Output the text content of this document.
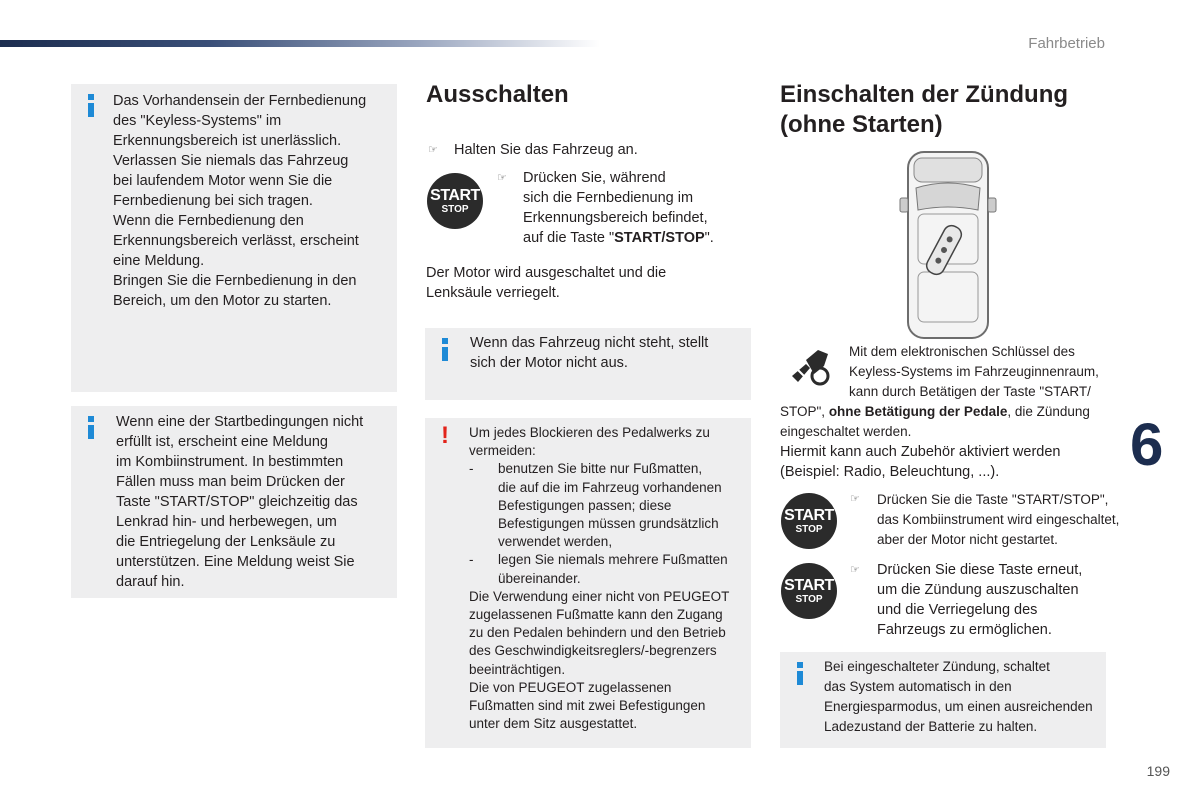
Fahrbetrieb
6
199
Das Vorhandensein der Fernbedienung
des "Keyless-Systems" im
Erkennungsbereich ist unerlässlich.
Verlassen Sie niemals das Fahrzeug
bei laufendem Motor wenn Sie die
Fernbedienung bei sich tragen.
Wenn die Fernbedienung den
Erkennungsbereich verlässt, erscheint
eine Meldung.
Bringen Sie die Fernbedienung in den
Bereich, um den Motor zu starten.
Wenn eine der Startbedingungen nicht
erfüllt ist, erscheint eine Meldung
im Kombiinstrument. In bestimmten
Fällen muss man beim Drücken der
Taste "START/STOP" gleichzeitig das
Lenkrad hin- und herbewegen, um
die Entriegelung der Lenksäule zu
unterstützen. Eine Meldung weist Sie
darauf hin.
Ausschalten
☞ Halten Sie das Fahrzeug an.
START
STOP
☞ Drücken Sie, während
sich die Fernbedienung im
Erkennungsbereich befindet,
auf die Taste "START/STOP".
Der Motor wird ausgeschaltet und die
Lenksäule verriegelt.
Wenn das Fahrzeug nicht steht, stellt
sich der Motor nicht aus.
! Um jedes Blockieren des Pedalwerks zu
vermeiden:
- benutzen Sie bitte nur Fußmatten,
die auf die im Fahrzeug vorhandenen
Befestigungen passen; diese
Befestigungen müssen grundsätzlich
verwendet werden,
- legen Sie niemals mehrere Fußmatten
übereinander.
Die Verwendung einer nicht von PEUGEOT
zugelassenen Fußmatte kann den Zugang
zu den Pedalen behindern und den Betrieb
des Geschwindigkeitsreglers/-begrenzers
beeinträchtigen.
Die von PEUGEOT zugelassenen
Fußmatten sind mit zwei Befestigungen
unter dem Sitz ausgestattet.
Einschalten der Zündung
(ohne Starten)
Mit dem elektronischen Schlüssel des
Keyless-Systems im Fahrzeuginnenraum,
kann durch Betätigen der Taste "START/
STOP", ohne Betätigung der Pedale, die Zündung
eingeschaltet werden.
Hiermit kann auch Zubehör aktiviert werden
(Beispiel: Radio, Beleuchtung, ...).
START
STOP
☞ Drücken Sie die Taste "START/STOP",
das Kombiinstrument wird eingeschaltet,
aber der Motor nicht gestartet.
START
STOP
☞ Drücken Sie diese Taste erneut,
um die Zündung auszuschalten
und die Verriegelung des
Fahrzeugs zu ermöglichen.
Bei eingeschalteter Zündung, schaltet
das System automatisch in den
Energiesparmodus, um einen ausreichenden
Ladezustand der Batterie zu halten.
